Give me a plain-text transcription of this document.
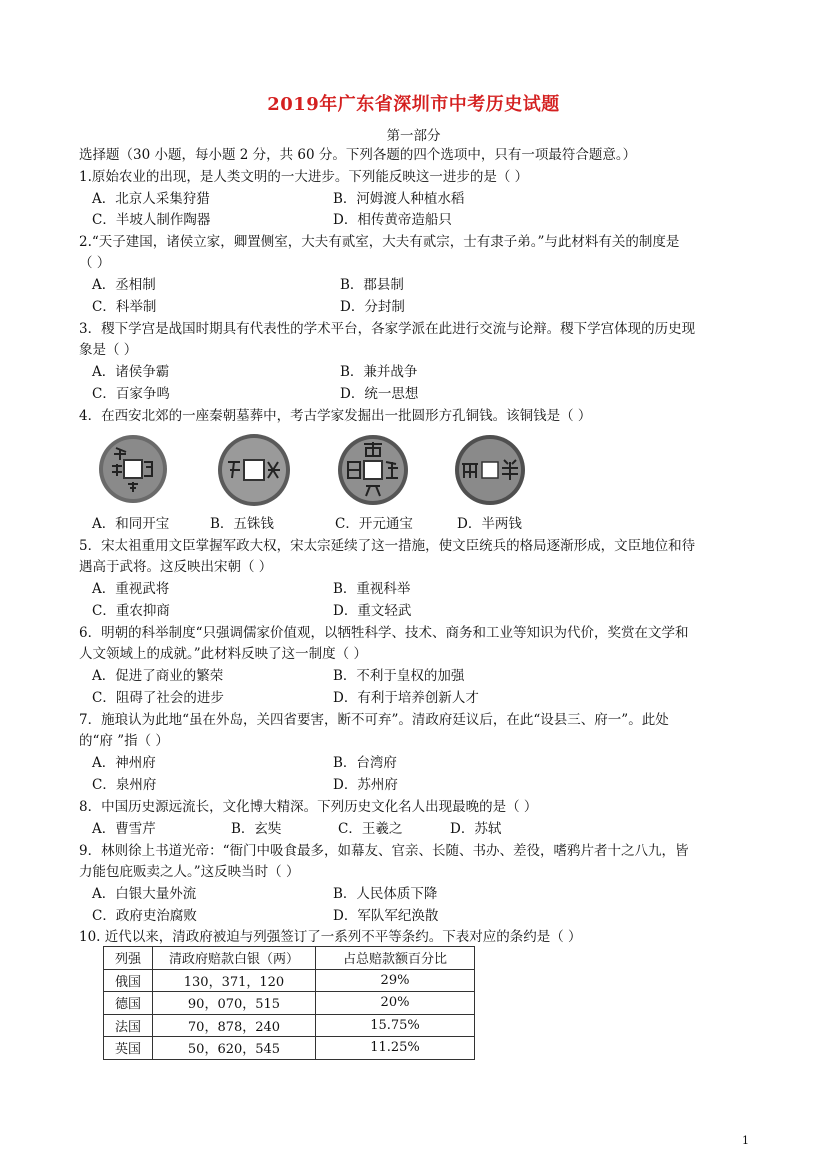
2019年广东省深圳市中考历史试题
第一部分
选择题（30 小题，每小题 2 分，共 60 分。下列各题的四个选项中，只有一项最符合题意。）
1.原始农业的出现，是人类文明的一大进步。下列能反映这一进步的是（ ）
A．北京人采集狩猎	B．河姆渡人种植水稻
C．半坡人制作陶器	D．相传黄帝造船只
2.“天子建国，诸侯立家，卿置侧室，大夫有贰室，大夫有贰宗，士有隶子弟。”与此材料有关的制度是
（ ）
A．丞相制	B．郡县制
C．科举制	D．分封制
3．稷下学宫是战国时期具有代表性的学术平台，各家学派在此进行交流与论辩。稷下学宫体现的历史现
象是（ ）
A．诸侯争霸	B．兼并战争
C．百家争鸣	D．统一思想
4．在西安北郊的一座秦朝墓葬中，考古学家发掘出一批圆形方孔铜钱。该铜钱是（ ）
A．和同开宝	B．五铢钱	C．开元通宝	D．半两钱
5．宋太祖重用文臣掌握军政大权，宋太宗延续了这一措施，使文臣统兵的格局逐渐形成，文臣地位和待
遇高于武将。这反映出宋朝（ ）
A．重视武将	B．重视科举
C．重农抑商	D．重文轻武
6．明朝的科举制度“只强调儒家价值观，以牺牲科学、技术、商务和工业等知识为代价，奖赏在文学和
人文领域上的成就。”此材料反映了这一制度（ ）
A．促进了商业的繁荣	B．不利于皇权的加强
C．阻碍了社会的进步	D．有利于培养创新人才
7．施琅认为此地“虽在外岛，关四省要害，断不可弃”。清政府廷议后，在此“设县三、府一”。此处
的“府 ”指（ ）
A．神州府	B．台湾府
C．泉州府	D．苏州府
8．中国历史源远流长，文化博大精深。下列历史文化名人出现最晚的是（ ）
A．曹雪芹	B．玄奘	C．王羲之	D．苏轼
9．林则徐上书道光帝：“衙门中吸食最多，如幕友、官亲、长随、书办、差役，嗜鸦片者十之八九，皆
力能包庇贩卖之人。”这反映当时（ ）
A．白银大量外流	B．人民体质下降
C．政府吏治腐败	D．军队军纪涣散
10. 近代以来，清政府被迫与列强签订了一系列不平等条约。下表对应的条约是（ ）
列强	清政府赔款白银（两）	占总赔款额百分比
俄国	130，371，120	29%
德国	90，070，515	20%
法国	70，878，240	15.75%
英国	50，620，545	11.25%
1
